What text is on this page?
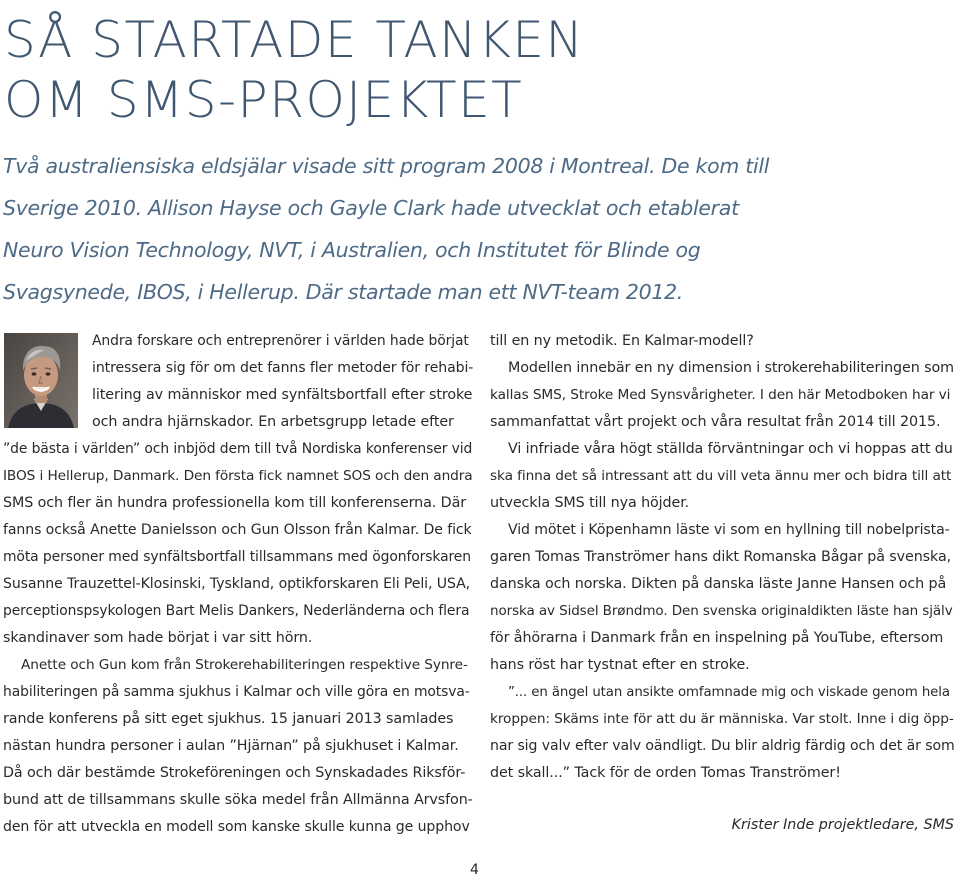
SÅ STARTADE TANKEN
OM SMS-PROJEKTET

Två australiensiska eldsjälar visade sitt program 2008 i Montreal. De kom till
Sverige 2010. Allison Hayse och Gayle Clark hade utvecklat och etablerat
Neuro Vision Technology, NVT, i Australien, och Institutet för Blinde og
Svagsynede, IBOS, i Hellerup. Där startade man ett NVT-team 2012.

Andra forskare och entreprenörer i världen hade börjat
intressera sig för om det fanns fler metoder för rehabi-
litering av människor med synfältsbortfall efter stroke
och andra hjärnskador. En arbetsgrupp letade efter
”de bästa i världen” och inbjöd dem till två Nordiska konferenser vid
IBOS i Hellerup, Danmark. Den första fick namnet SOS och den andra
SMS och fler än hundra professionella kom till konferenserna. Där
fanns också Anette Danielsson och Gun Olsson från Kalmar. De fick
möta personer med synfältsbortfall tillsammans med ögonforskaren
Susanne Trauzettel-Klosinski, Tyskland, optikforskaren Eli Peli, USA,
perceptionspsykologen Bart Melis Dankers, Nederländerna och flera
skandinaver som hade börjat i var sitt hörn.
Anette och Gun kom från Strokerehabiliteringen respektive Synre-
habiliteringen på samma sjukhus i Kalmar och ville göra en motsva-
rande konferens på sitt eget sjukhus. 15 januari 2013 samlades
nästan hundra personer i aulan ”Hjärnan” på sjukhuset i Kalmar.
Då och där bestämde Strokeföreningen och Synskadades Riksför-
bund att de tillsammans skulle söka medel från Allmänna Arvsfon-
den för att utveckla en modell som kanske skulle kunna ge upphov
till en ny metodik. En Kalmar-modell?
Modellen innebär en ny dimension i strokerehabiliteringen som
kallas SMS, Stroke Med Synsvårigheter. I den här Metodboken har vi
sammanfattat vårt projekt och våra resultat från 2014 till 2015.
Vi infriade våra högt ställda förväntningar och vi hoppas att du
ska finna det så intressant att du vill veta ännu mer och bidra till att
utveckla SMS till nya höjder.
Vid mötet i Köpenhamn läste vi som en hyllning till nobelprista-
garen Tomas Tranströmer hans dikt Romanska Bågar på svenska,
danska och norska. Dikten på danska läste Janne Hansen och på
norska av Sidsel Brøndmo. Den svenska originaldikten läste han själv
för åhörarna i Danmark från en inspelning på YouTube, eftersom
hans röst har tystnat efter en stroke.
”... en ängel utan ansikte omfamnade mig och viskade genom hela
kroppen: Skäms inte för att du är människa. Var stolt. Inne i dig öpp-
nar sig valv efter valv oändligt. Du blir aldrig färdig och det är som
det skall...” Tack för de orden Tomas Tranströmer!
Krister Inde projektledare, SMS
4
